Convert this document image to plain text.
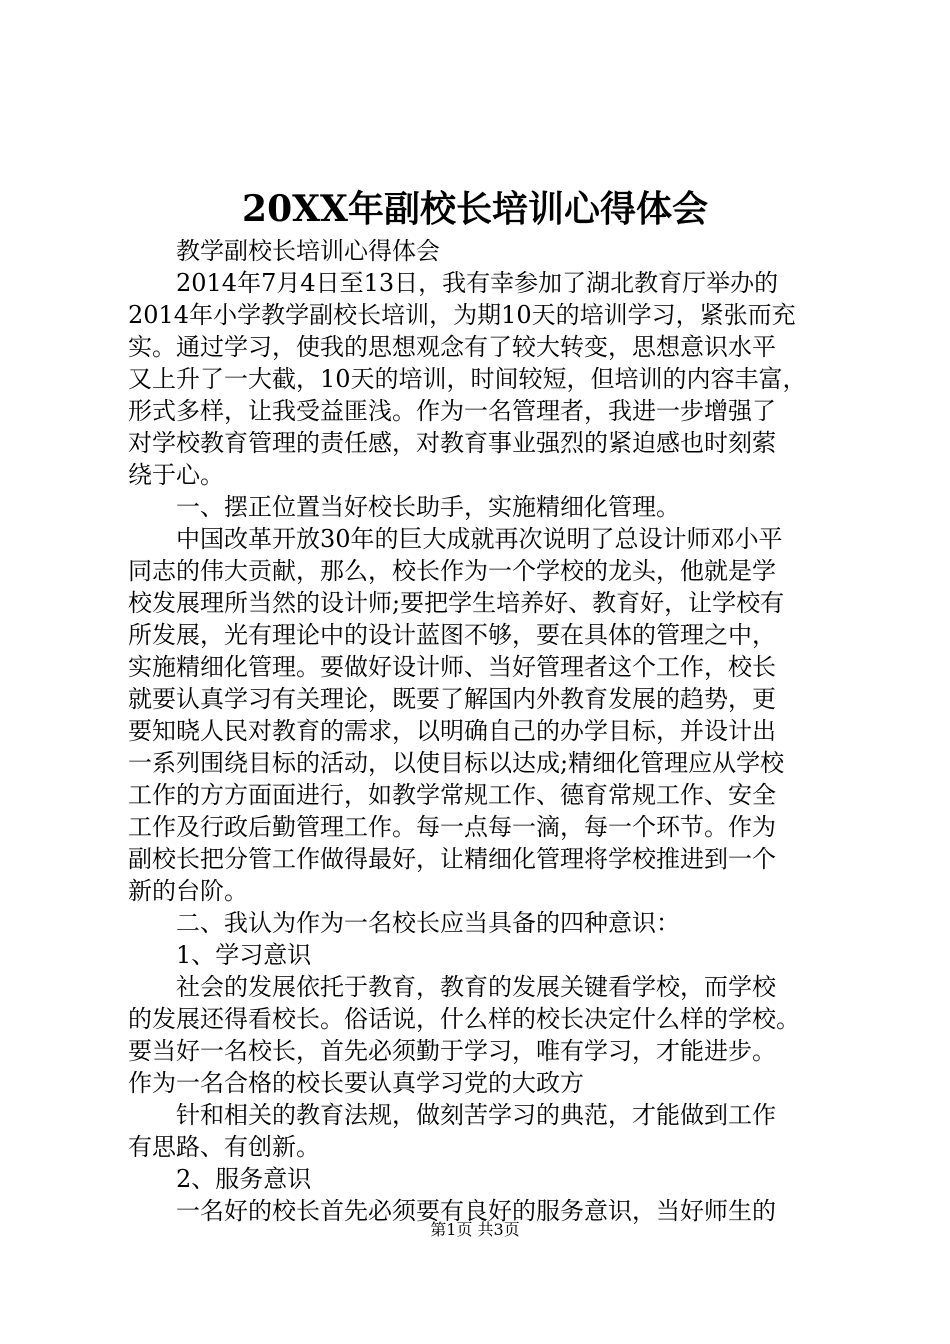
20XX年副校长培训心得体会
教学副校长培训心得体会
2014年7月4日至13日，我有幸参加了湖北教育厅举办的
2014年小学教学副校长培训，为期10天的培训学习，紧张而充
实。通过学习，使我的思想观念有了较大转变，思想意识水平
又上升了一大截，10天的培训，时间较短，但培训的内容丰富，
形式多样，让我受益匪浅。作为一名管理者，我进一步增强了
对学校教育管理的责任感，对教育事业强烈的紧迫感也时刻萦
绕于心。
一、摆正位置当好校长助手，实施精细化管理。
中国改革开放30年的巨大成就再次说明了总设计师邓小平
同志的伟大贡献，那么，校长作为一个学校的龙头，他就是学
校发展理所当然的设计师;要把学生培养好、教育好，让学校有
所发展，光有理论中的设计蓝图不够，要在具体的管理之中，
实施精细化管理。要做好设计师、当好管理者这个工作，校长
就要认真学习有关理论，既要了解国内外教育发展的趋势，更
要知晓人民对教育的需求，以明确自己的办学目标，并设计出
一系列围绕目标的活动，以使目标以达成;精细化管理应从学校
工作的方方面面进行，如教学常规工作、德育常规工作、安全
工作及行政后勤管理工作。每一点每一滴，每一个环节。作为
副校长把分管工作做得最好，让精细化管理将学校推进到一个
新的台阶。
二、我认为作为一名校长应当具备的四种意识：
1、学习意识
社会的发展依托于教育，教育的发展关键看学校，而学校
的发展还得看校长。俗话说，什么样的校长决定什么样的学校。
要当好一名校长，首先必须勤于学习，唯有学习，才能进步。
作为一名合格的校长要认真学习党的大政方
针和相关的教育法规，做刻苦学习的典范，才能做到工作
有思路、有创新。
2、服务意识
一名好的校长首先必须要有良好的服务意识，当好师生的
第1页 共3页
